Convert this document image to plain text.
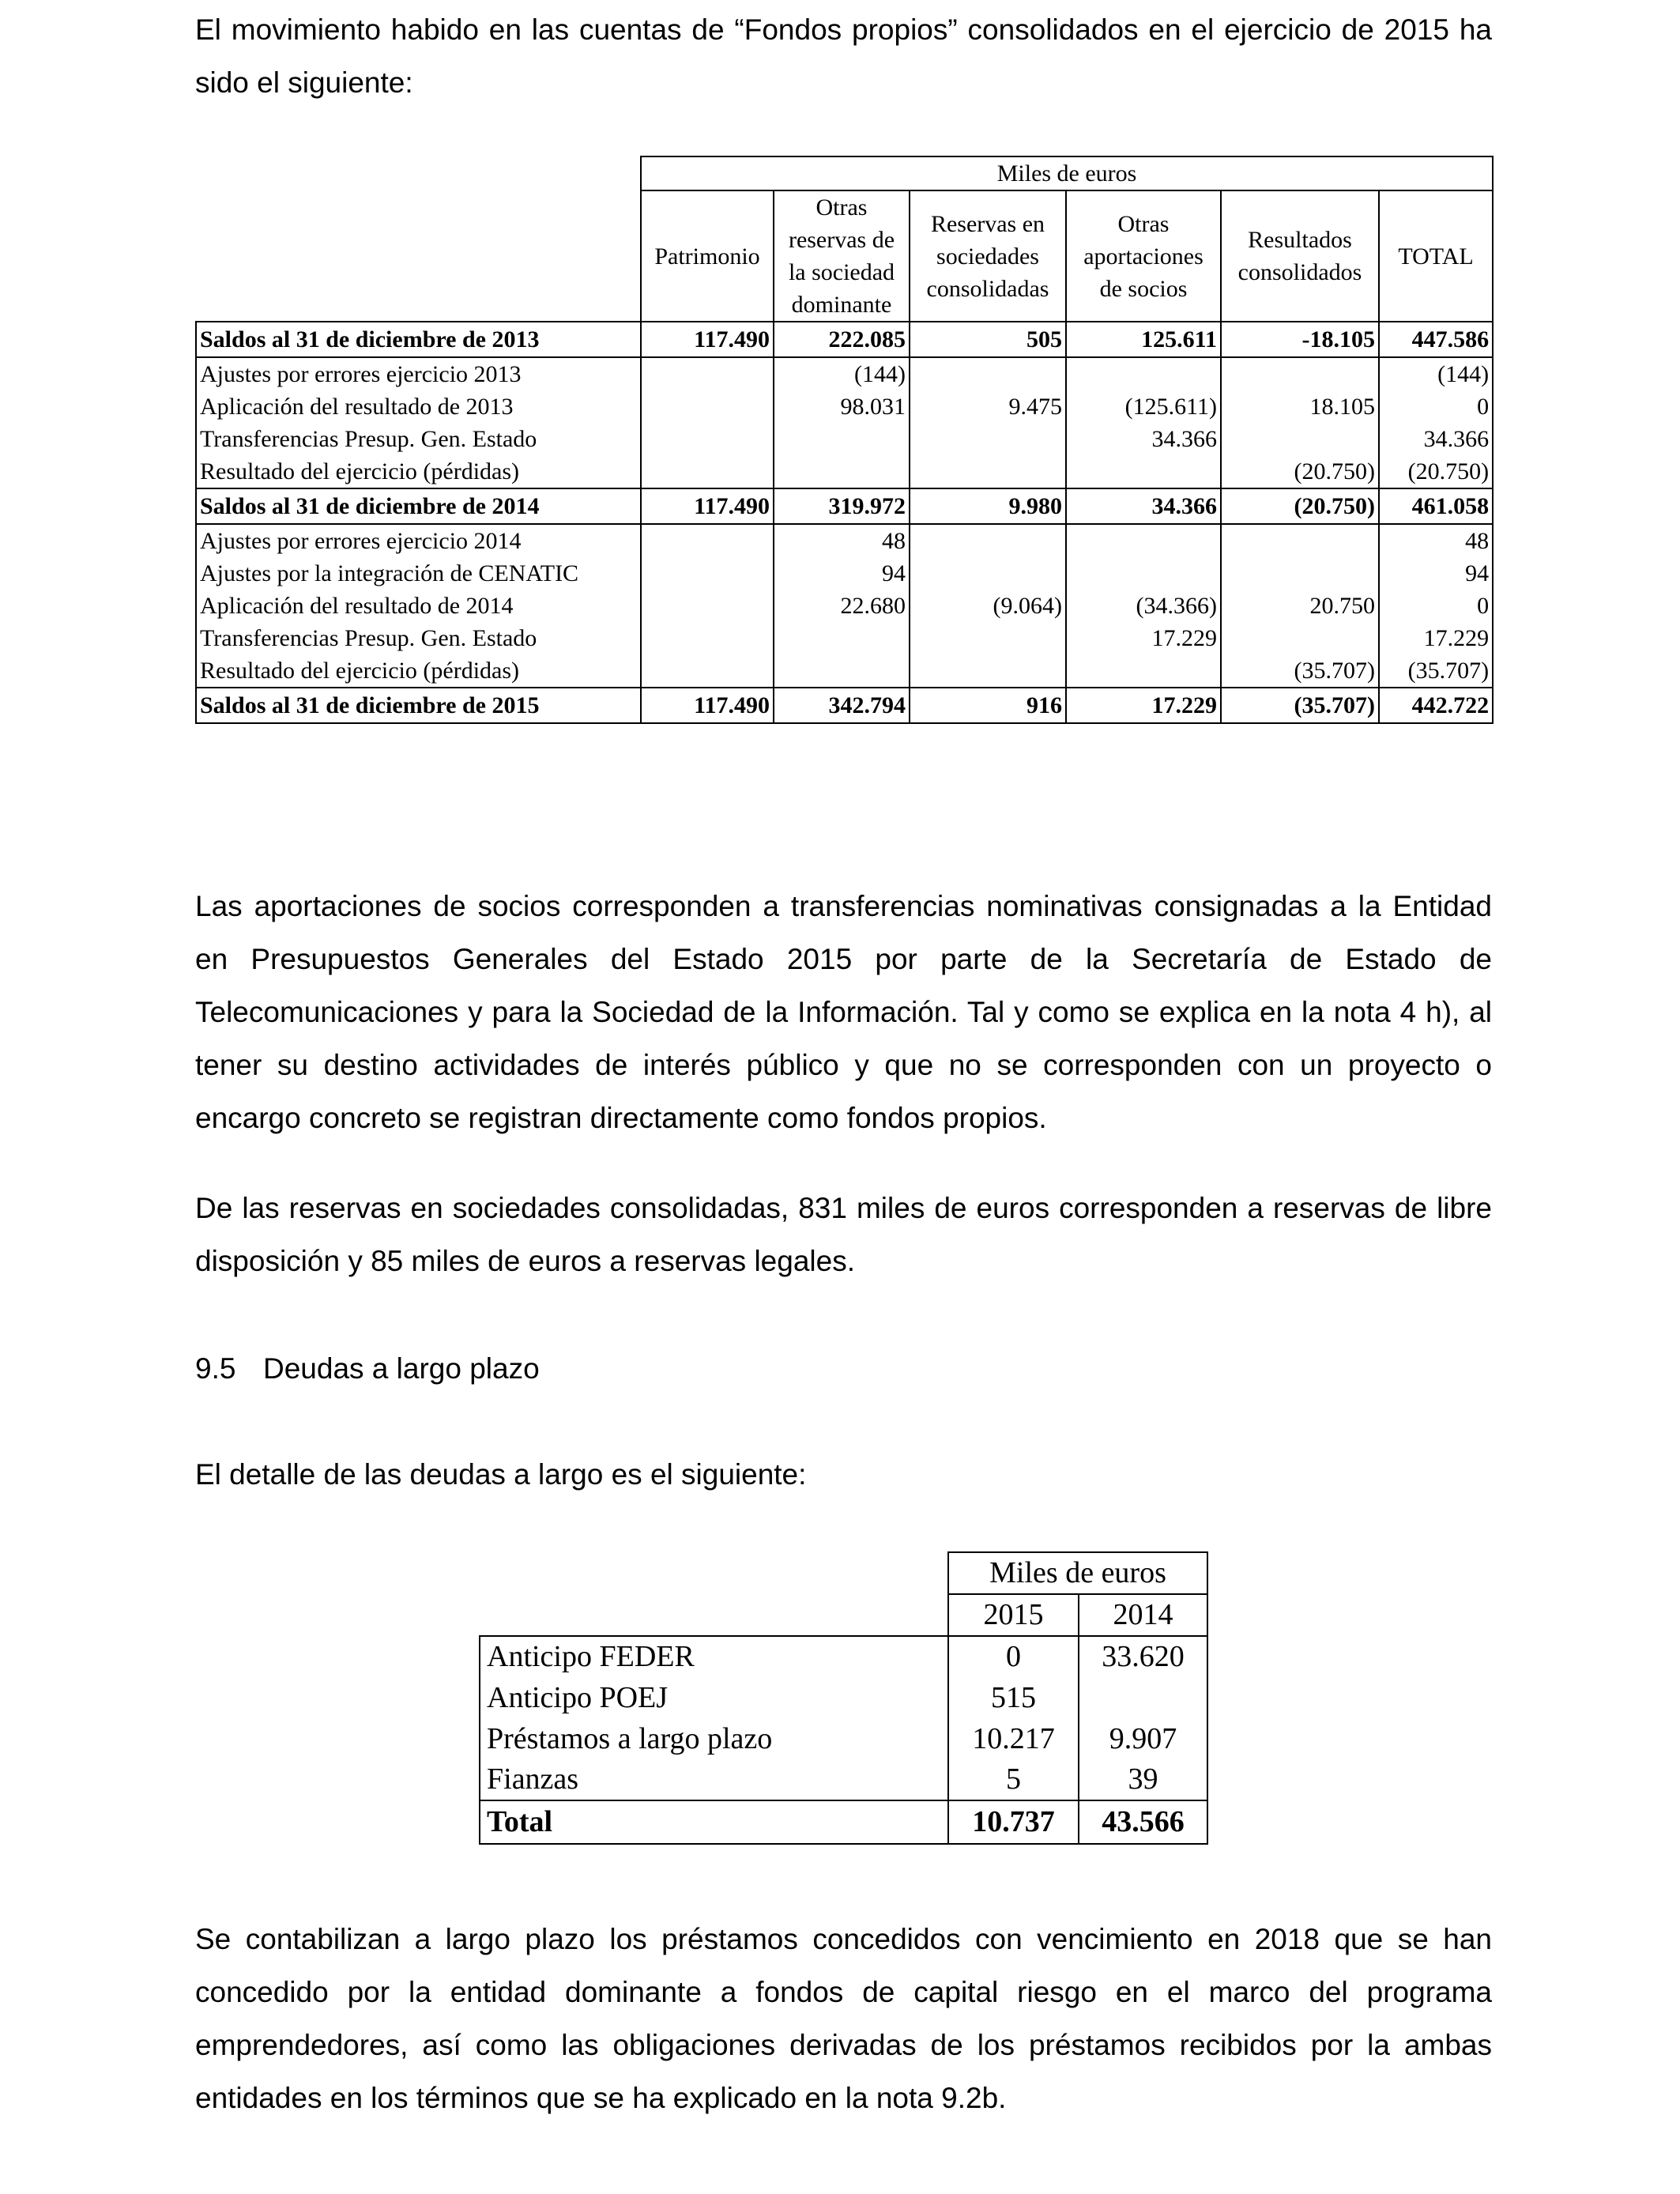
El movimiento habido en las cuentas de “Fondos propios” consolidados en el ejercicio de 2015 ha sido el siguiente:

	Miles de euros					
	Patrimonio	Otras reservas de la sociedad dominante	Reservas en sociedades consolidadas	Otras aportaciones de socios	Resultados consolidados	TOTAL
Saldos al 31 de diciembre de 2013	117.490	222.085	505	125.611	-18.105	447.586
Ajustes por errores ejercicio 2013		(144)				(144)
Aplicación del resultado de 2013		98.031	9.475	(125.611)	18.105	0
Transferencias Presup. Gen. Estado				34.366		34.366
Resultado del ejercicio (pérdidas)					(20.750)	(20.750)
Saldos al 31 de diciembre de 2014	117.490	319.972	9.980	34.366	(20.750)	461.058
Ajustes por errores ejercicio 2014		48				48
Ajustes por la integración de CENATIC		94				94
Aplicación del resultado de 2014		22.680	(9.064)	(34.366)	20.750	0
Transferencias Presup. Gen. Estado				17.229		17.229
Resultado del ejercicio (pérdidas)					(35.707)	(35.707)
Saldos al 31 de diciembre de 2015	117.490	342.794	916	17.229	(35.707)	442.722

Las aportaciones de socios corresponden a transferencias nominativas consignadas a la Entidad en Presupuestos Generales del Estado 2015 por parte de la Secretaría de Estado de Telecomunicaciones y para la Sociedad de la Información. Tal y como se explica en la nota 4 h), al tener su destino actividades de interés público y que no se corresponden con un proyecto o encargo concreto se registran directamente como fondos propios.

De las reservas en sociedades consolidadas, 831 miles de euros corresponden a reservas de libre disposición y 85 miles de euros a reservas legales.

9.5 Deudas a largo plazo

El detalle de las deudas a largo es el siguiente:

	Miles de euros	
	2015	2014
Anticipo FEDER	0	33.620
Anticipo POEJ	515	
Préstamos a largo plazo	10.217	9.907
Fianzas	5	39
Total	10.737	43.566

Se contabilizan a largo plazo los préstamos concedidos con vencimiento en 2018 que se han concedido por la entidad dominante a fondos de capital riesgo en el marco del programa emprendedores, así como las obligaciones derivadas de los préstamos recibidos por la ambas entidades en los términos que se ha explicado en la nota 9.2b.
